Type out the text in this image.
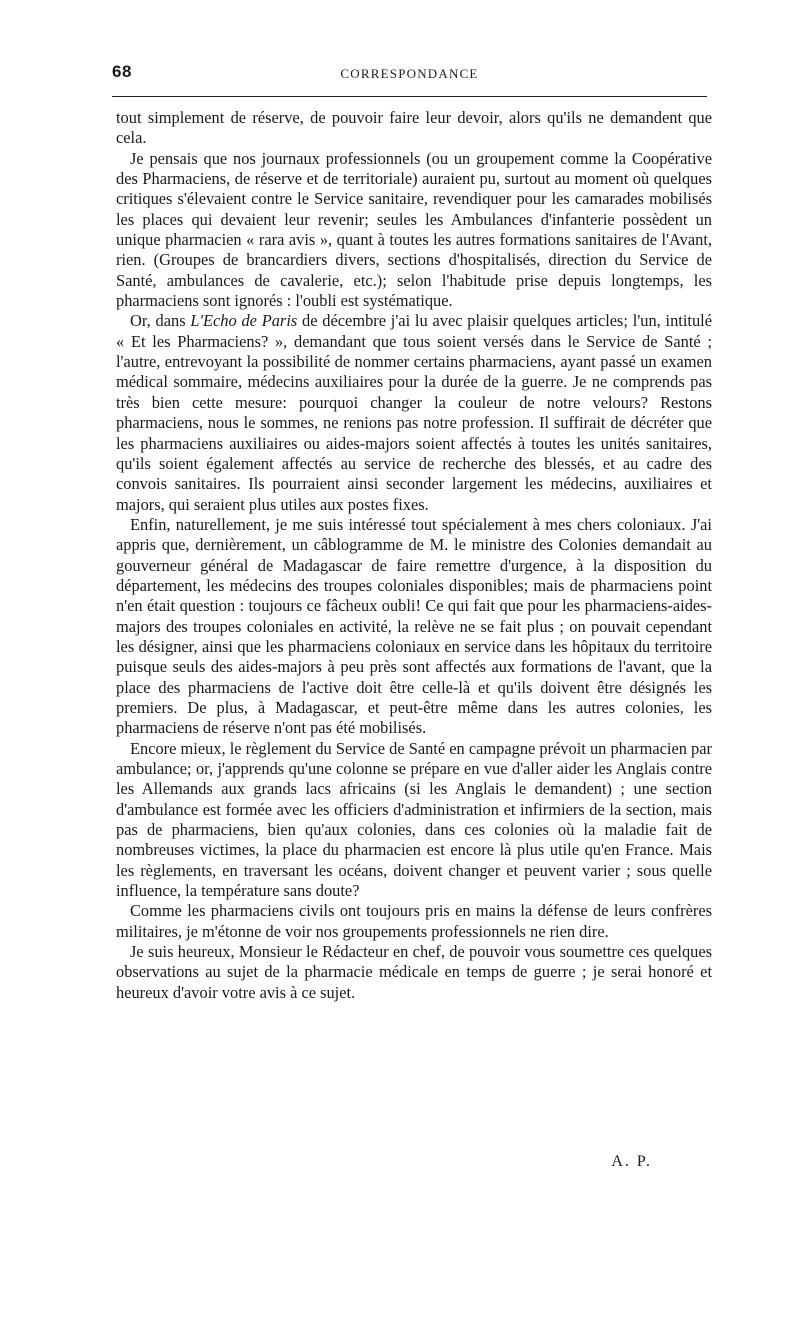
68	CORRESPONDANCE

tout simplement de réserve, de pouvoir faire leur devoir, alors qu'ils ne demandent que cela.

Je pensais que nos journaux professionnels (ou un groupement comme la Coopérative des Pharmaciens, de réserve et de territoriale) auraient pu, surtout au moment où quelques critiques s'élevaient contre le Service sanitaire, revendiquer pour les camarades mobilisés les places qui devaient leur revenir; seules les Ambulances d'infanterie possèdent un unique pharmacien « rara avis », quant à toutes les autres formations sanitaires de l'Avant, rien. (Groupes de brancardiers divers, sections d'hospitalisés, direction du Service de Santé, ambulances de cavalerie, etc.); selon l'habitude prise depuis longtemps, les pharmaciens sont ignorés : l'oubli est systématique.

Or, dans L'Echo de Paris de décembre j'ai lu avec plaisir quelques articles; l'un, intitulé « Et les Pharmaciens? », demandant que tous soient versés dans le Service de Santé ; l'autre, entrevoyant la possibilité de nommer certains pharmaciens, ayant passé un examen médical sommaire, médecins auxiliaires pour la durée de la guerre. Je ne comprends pas très bien cette mesure: pourquoi changer la couleur de notre velours? Restons pharmaciens, nous le sommes, ne renions pas notre profession. Il suffirait de décréter que les pharmaciens auxiliaires ou aides-majors soient affectés à toutes les unités sanitaires, qu'ils soient également affectés au service de recherche des blessés, et au cadre des convois sanitaires. Ils pourraient ainsi seconder largement les médecins, auxiliaires et majors, qui seraient plus utiles aux postes fixes.

Enfin, naturellement, je me suis intéressé tout spécialement à mes chers coloniaux. J'ai appris que, dernièrement, un câblogramme de M. le ministre des Colonies demandait au gouverneur général de Madagascar de faire remettre d'urgence, à la disposition du département, les médecins des troupes coloniales disponibles; mais de pharmaciens point n'en était question : toujours ce fâcheux oubli! Ce qui fait que pour les pharmaciens-aides-majors des troupes coloniales en activité, la relève ne se fait plus ; on pouvait cependant les désigner, ainsi que les pharmaciens coloniaux en service dans les hôpitaux du territoire puisque seuls des aides-majors à peu près sont affectés aux formations de l'avant, que la place des pharmaciens de l'active doit être celle-là et qu'ils doivent être désignés les premiers. De plus, à Madagascar, et peut-être même dans les autres colonies, les pharmaciens de réserve n'ont pas été mobilisés.

Encore mieux, le règlement du Service de Santé en campagne prévoit un pharmacien par ambulance; or, j'apprends qu'une colonne se prépare en vue d'aller aider les Anglais contre les Allemands aux grands lacs africains (si les Anglais le demandent) ; une section d'ambulance est formée avec les officiers d'administration et infirmiers de la section, mais pas de pharmaciens, bien qu'aux colonies, dans ces colonies où la maladie fait de nombreuses victimes, la place du pharmacien est encore là plus utile qu'en France. Mais les règlements, en traversant les océans, doivent changer et peuvent varier ; sous quelle influence, la température sans doute?

Comme les pharmaciens civils ont toujours pris en mains la défense de leurs confrères militaires, je m'étonne de voir nos groupements professionnels ne rien dire.

Je suis heureux, Monsieur le Rédacteur en chef, de pouvoir vous soumettre ces quelques observations au sujet de la pharmacie médicale en temps de guerre ; je serai honoré et heureux d'avoir votre avis à ce sujet.

A. P.
